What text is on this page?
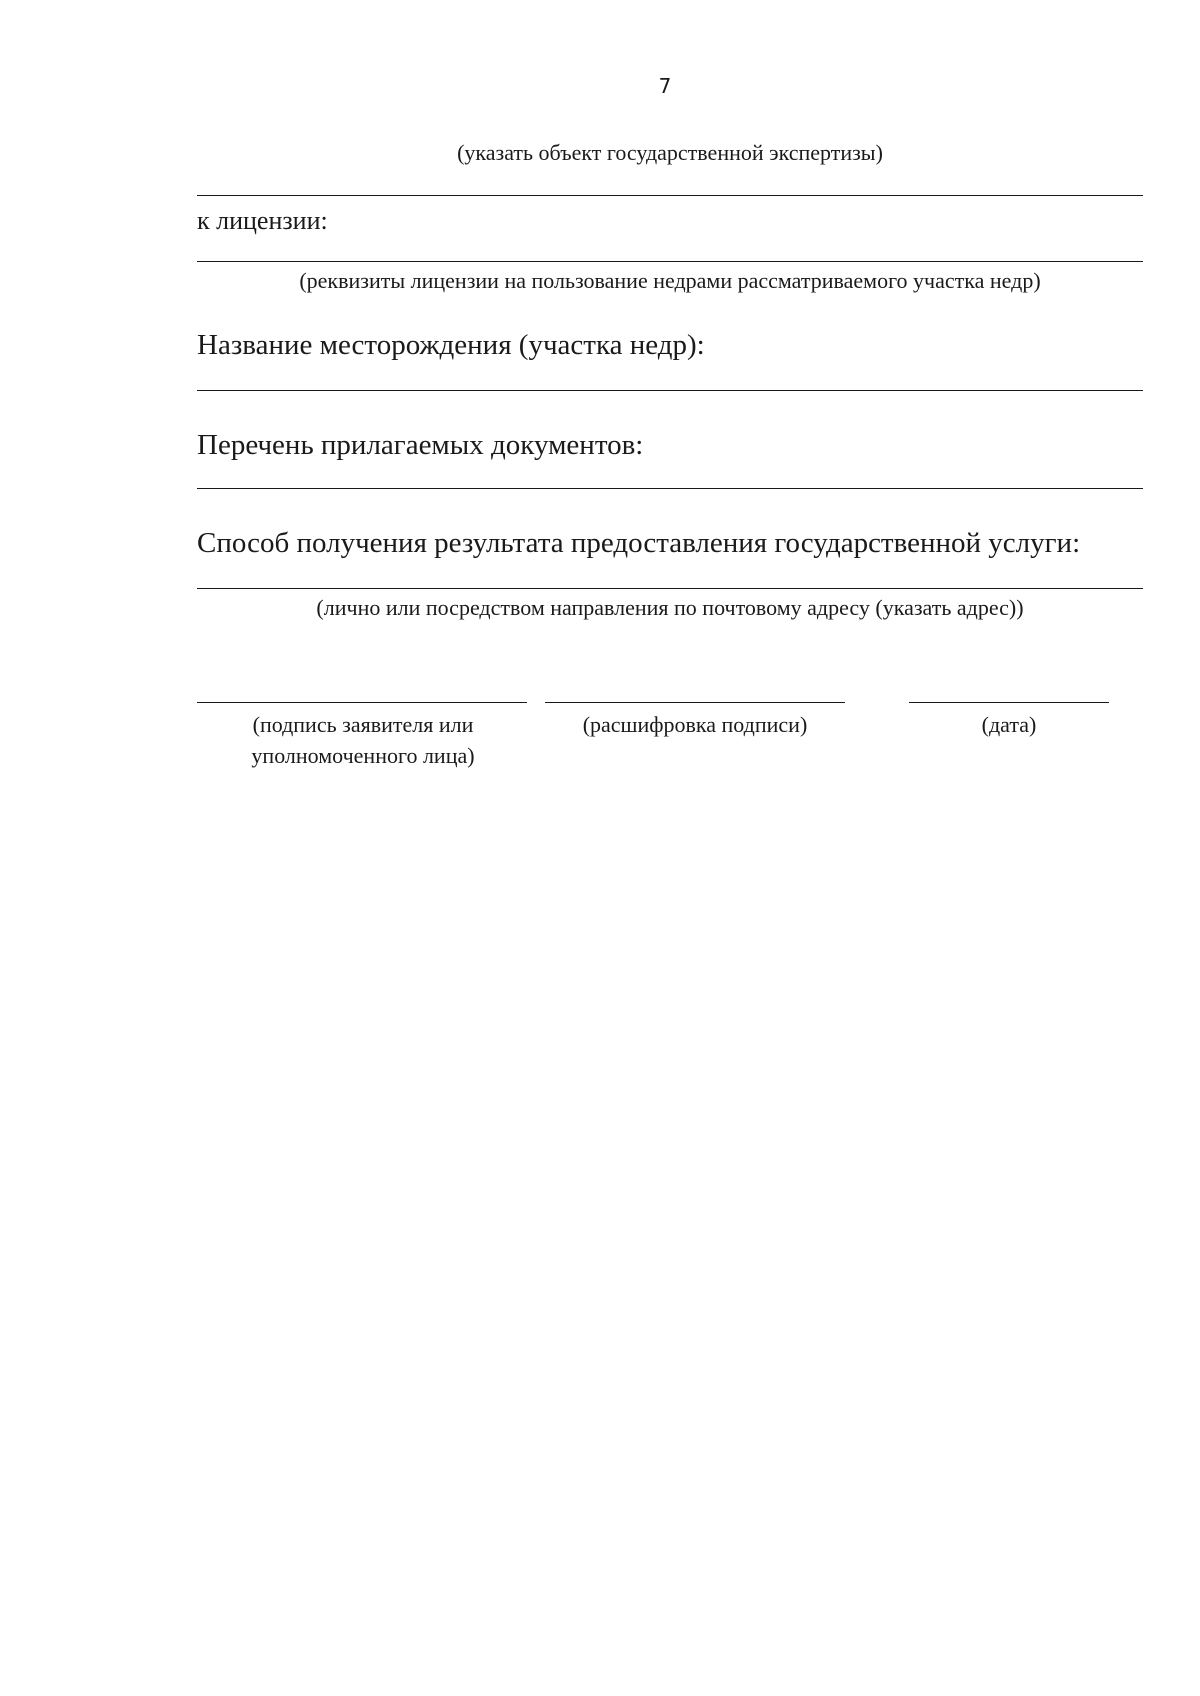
7
(указать объект государственной экспертизы)
к лицензии:
(реквизиты лицензии на пользование недрами рассматриваемого участка недр)
Название месторождения (участка недр):
Перечень прилагаемых документов:
Способ получения результата предоставления государственной услуги:
(лично или посредством направления по почтовому адресу (указать адрес))
(подпись заявителя или уполномоченного лица)
(расшифровка подписи)	(дата)
